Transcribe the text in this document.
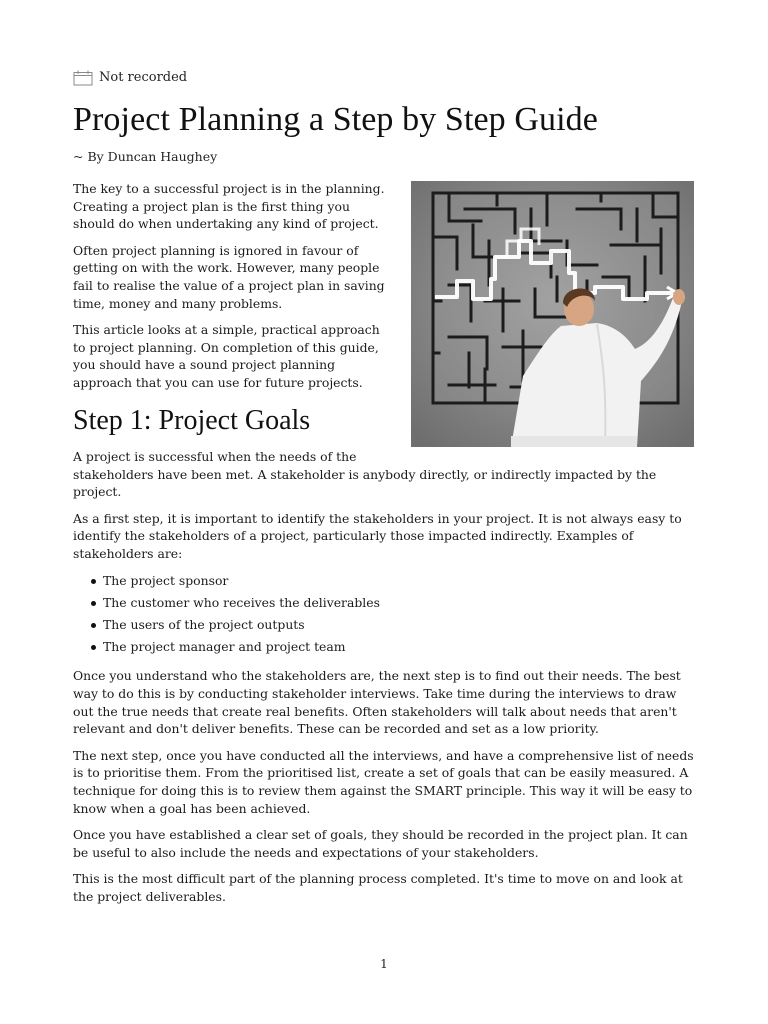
Not recorded
Project Planning a Step by Step Guide
~ By Duncan Haughey

The key to a successful project is in the planning. Creating a project plan is the first thing you should do when undertaking any kind of project.

Often project planning is ignored in favour of getting on with the work. However, many people fail to realise the value of a project plan in saving time, money and many problems.

This article looks at a simple, practical approach to project planning. On completion of this guide, you should have a sound project planning approach that you can use for future projects.

Step 1: Project Goals

A project is successful when the needs of the

stakeholders have been met. A stakeholder is anybody directly, or indirectly impacted by the project.

As a first step, it is important to identify the stakeholders in your project. It is not always easy to identify the stakeholders of a project, particularly those impacted indirectly. Examples of stakeholders are:

The project sponsor
The customer who receives the deliverables
The users of the project outputs
The project manager and project team

Once you understand who the stakeholders are, the next step is to find out their needs. The best way to do this is by conducting stakeholder interviews. Take time during the interviews to draw out the true needs that create real benefits. Often stakeholders will talk about needs that aren't relevant and don't deliver benefits. These can be recorded and set as a low priority.

The next step, once you have conducted all the interviews, and have a comprehensive list of needs is to prioritise them. From the prioritised list, create a set of goals that can be easily measured. A technique for doing this is to review them against the SMART principle. This way it will be easy to know when a goal has been achieved.

Once you have established a clear set of goals, they should be recorded in the project plan. It can be useful to also include the needs and expectations of your stakeholders.

This is the most difficult part of the planning process completed. It's time to move on and look at the project deliverables.

1
